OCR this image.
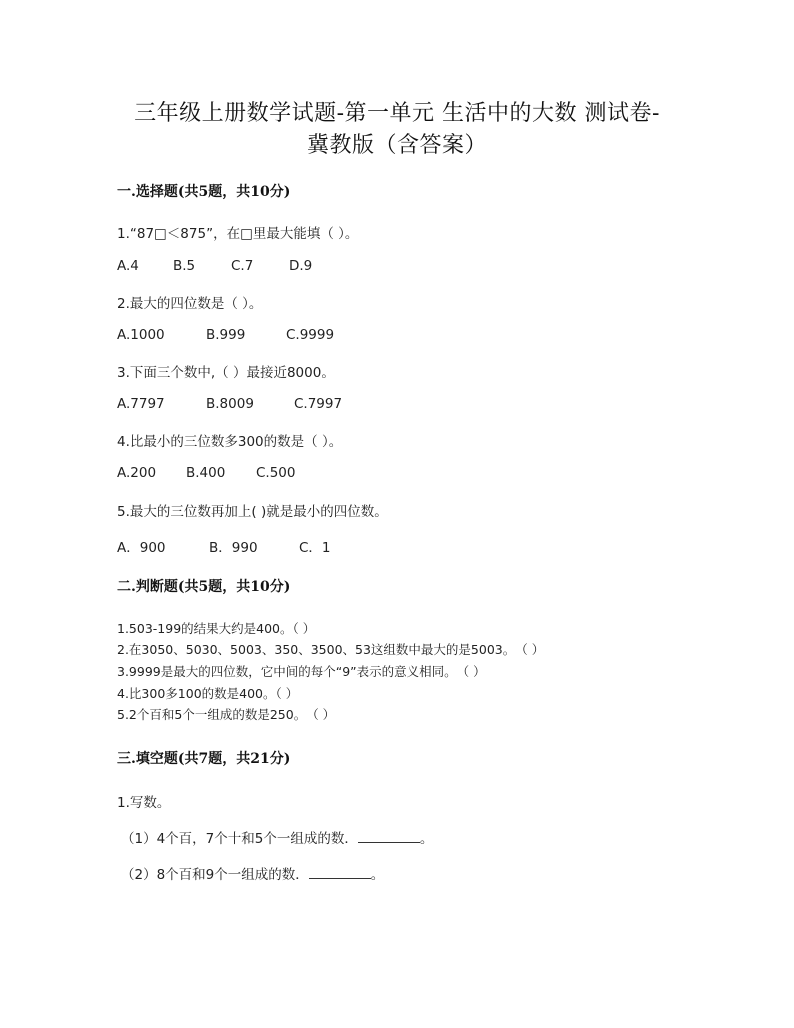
三年级上册数学试题-第一单元 生活中的大数 测试卷-
冀教版（含答案）
一.选择题(共5题，共10分)
1.“87□＜875”，在□里最大能填（ ）。
A.4	B.5	C.7	D.9
2.最大的四位数是（ ）。
A.1000	B.999	C.9999
3.下面三个数中,（ ）最接近8000。
A.7797	B.8009	C.7997
4.比最小的三位数多300的数是（ ）。
A.200 B.400 C.500
5.最大的三位数再加上( )就是最小的四位数。
A．900	B．990	C．1
二.判断题(共5题，共10分)
1.503-199的结果大约是400。（ ）
2.在3050、5030、5003、350、3500、53这组数中最大的是5003。　（ ）
3.9999是最大的四位数，它中间的每个“9”表示的意义相同。　（ ）
4.比300多100的数是400。（ ）
5.2个百和5个一组成的数是250。　（ ）
三.填空题(共7题，共21分)
1.写数。
（1）4个百，7个十和5个一组成的数．	。
（2）8个百和9个一组成的数．	。
